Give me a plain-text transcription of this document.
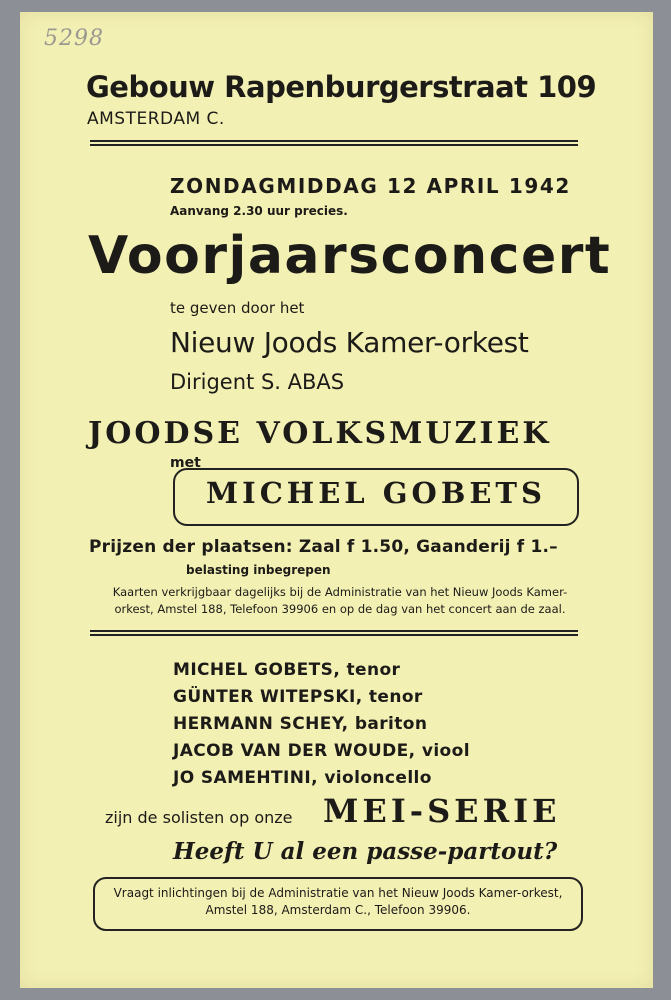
5298
Gebouw Rapenburgerstraat 109
AMSTERDAM C.
ZONDAGMIDDAG 12 APRIL 1942
Aanvang 2.30 uur precies.
Voorjaarsconcert
te geven door het
Nieuw Joods Kamer-orkest
Dirigent S. ABAS
JOODSE VOLKSMUZIEK
met
MICHEL GOBETS
Prijzen der plaatsen: Zaal f 1.50, Gaanderij f 1.–
belasting inbegrepen
Kaarten verkrijgbaar dagelijks bij de Administratie van het Nieuw Joods Kamer-
orkest, Amstel 188, Telefoon 39906 en op de dag van het concert aan de zaal.
MICHEL GOBETS, tenor
GÜNTER WITEPSKI, tenor
HERMANN SCHEY, bariton
JACOB VAN DER WOUDE, viool
JO SAMEHTINI, violoncello
zijn de solisten op onze MEI-SERIE
Heeft U al een passe-partout?
Vraagt inlichtingen bij de Administratie van het Nieuw Joods Kamer-orkest,
Amstel 188, Amsterdam C., Telefoon 39906.
